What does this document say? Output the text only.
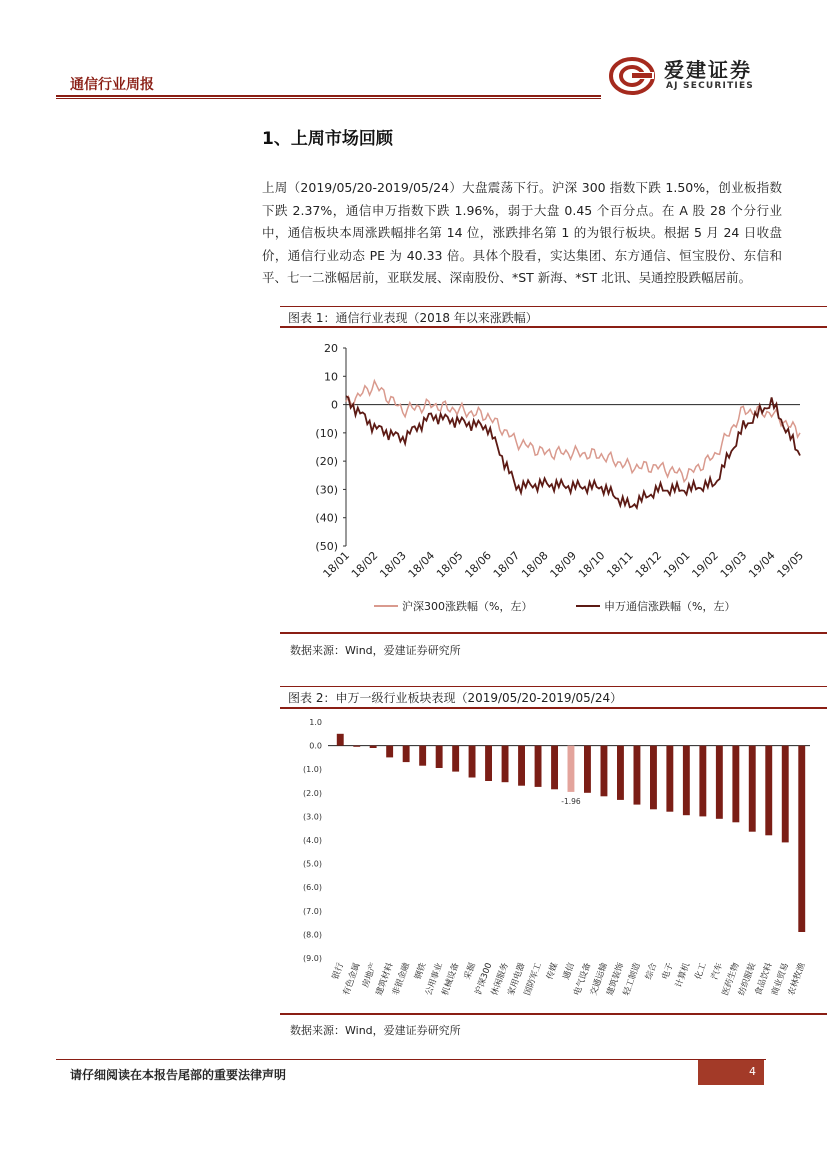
通信行业周报
爱建证券
AJ SECURITIES
1、上周市场回顾
上周（2019/05/20-2019/05/24）大盘震荡下行。沪深 300 指数下跌 1.50%，创业板指数下跌 2.37%，通信申万指数下跌 1.96%，弱于大盘 0.45 个百分点。在 A 股 28 个分行业中，通信板块本周涨跌幅排名第 14 位，涨跌排名第 1 的为银行板块。根据 5 月 24 日收盘价，通信行业动态 PE 为 40.33 倍。具体个股看，实达集团、东方通信、恒宝股份、东信和平、七一二涨幅居前，亚联发展、深南股份、*ST 新海、*ST 北讯、吴通控股跌幅居前。
图表 1：通信行业表现（2018 年以来涨跌幅）
20
10
0
(10)
(20)
(30)
(40)
(50)
18/01
18/02
18/03
18/04
18/05
18/06
18/07
18/08
18/09
18/10
18/11
18/12
19/01
19/02
19/03
19/04
19/05
沪深300涨跌幅（%，左）	申万通信涨跌幅（%，左）
数据来源：Wind，爱建证券研究所
图表 2：申万一级行业板块表现（2019/05/20-2019/05/24）
1.0
0.0
(1.0)
(2.0)
(3.0)
(4.0)
(5.0)
(6.0)
(7.0)
(8.0)
(9.0)
银行
有色金属
房地产
建筑材料
非银金融 钢铁
公用事业
机械设备 采掘
沪深300
休闲服务
家用电器
国防军工 传媒
-1.96
通信
电气设备
交通运输
建筑装饰
轻工制造 综合 电子
计算机 化工 汽车
医药生物
纺织服装
食品饮料
商业贸易
农林牧渔
数据来源：Wind，爱建证券研究所
请仔细阅读在本报告尾部的重要法律声明	4
